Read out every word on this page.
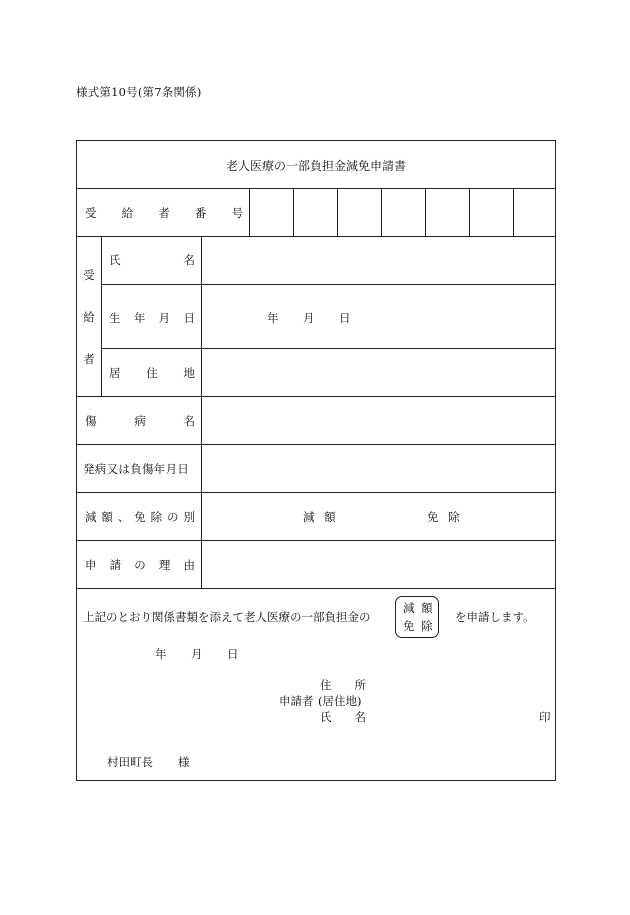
様式第10号(第7条関係)
老人医療の一部負担金減免申請書
受 給 者 番 号
受
給
者
氏	名
生 年 月 日	年 月 日
居 住 地
傷	病	名
発病又は負傷年月日
減 額 、 免 除 の 別	減 額	免 除
申 請 の 理 由
上記のとおり関係書類を添えて老人医療の一部負担金の
減 額
免 除
を申請します。
年 月 日
住　　所
申請者 (居住地)
氏　　名	印
村田町長 様
